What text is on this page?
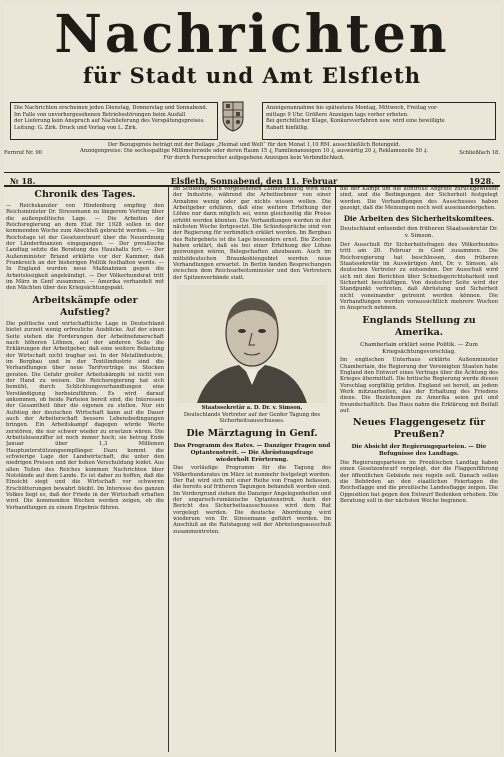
Nachrichten
für Stadt und Amt Elsfleth
Die Nachrichten erscheinen jeden Dienstag, Donnerstag und Sonnabend.
Im Falle von unvorhergesehenen Betriebsstörungen beim Ausfall
der Lieferung kein Anspruch auf Nachlieferung des Verspätungspreises.
Leitung: G. Zirk. Druck und Verlag von L. Zirk.
Anzeigenannahme bis spätestens Montag, Mittwoch, Freitag vor-
mittags 9 Uhr. Größere Anzeigen tags vorher erbeten.
Bei gerichtlicher Klage, Konkursverfahren usw. wird eine bewilligte
Rabatt hinfällig.
Fernruf Nr. 90
Der Bezugspreis beträgt mit der Beilage „Heimat und Welt“ für den Monat 1,10 RM. ausschließlich Botengeld.
Anzeigenpreise: Die sechsspaltige Millimeterzeile oder deren Raum 15 ₰, Familienanzeigen 10 ₰, auswärtig 20 ₰, Reklamezeile 50 ₰.
Für durch Fernsprecher aufgegebene Anzeigen kein Verbindlichkeit.
Schließfach 18.
№ 18.	Elsfleth, Sonnabend, den 11. Februar	1928.
Chronik des Tages.

— Reichskanzler von Hindenburg empfing den Reichsminister Dr. Stresemann zu längerem Vortrag über die außenpolitische Lage. — Die Arbeiten der Reichsregierung an dem Etat für 1928 sollen in der kommenden Woche zum Abschluß gebracht werden. — Im Reichstage ist der Gesetzentwurf über die Neuordnung der Länderfinanzen eingegangen. — Der preußische Landtag setzte die Beratung des Haushalts fort. — Der Außenminister Briand erklärte vor der Kammer, daß Frankreich an der bisherigen Politik festhalten werde. — In England wurden neue Maßnahmen gegen die Arbeitslosigkeit angekündigt. — Der Völkerbundsrat tritt im März in Genf zusammen. — Amerika verhandelt mit den Mächten über den Kriegsächtungspakt.

Arbeitskämpfe oder Aufstieg?

Die politische und wirtschaftliche Lage in Deutschland bietet zurzeit wenig erfreuliche Ausblicke. Auf der einen Seite stehen die Forderungen der Arbeitnehmerschaft nach höheren Löhnen, auf der anderen Seite die Erklärungen der Arbeitgeber, daß eine weitere Belastung der Wirtschaft nicht tragbar sei. In der Metallindustrie, im Bergbau und in der Textilindustrie sind die Verhandlungen über neue Tarifverträge ins Stocken geraten. Die Gefahr großer Arbeitskämpfe ist nicht von der Hand zu weisen. Die Reichsregierung hat sich bemüht, durch Schlichtungsverhandlungen eine Verständigung herbeizuführen. Es wird darauf ankommen, ob beide Parteien bereit sind, die Interessen der Gesamtheit über die eigenen zu stellen. Nur ein Aufstieg der deutschen Wirtschaft kann auf die Dauer auch der Arbeiterschaft bessere Lebensbedingungen bringen. Ein Arbeitskampf dagegen würde Werte zerstören, die nur schwer wieder zu ersetzen wären. Die Arbeitslosenziffer ist noch immer hoch; sie betrug Ende Januar über 1,3 Millionen Hauptunterstützungsempfänger. Dazu kommt die schwierige Lage der Landwirtschaft, die unter den niedrigen Preisen und der hohen Verschuldung leidet. Aus allen Teilen des Reiches kommen Nachrichten über Notstände auf dem Lande. Es ist daher zu hoffen, daß die Einsicht siegt und die Wirtschaft vor schweren Erschütterungen bewahrt bleibt. Im Interesse des ganzen Volkes liegt es, daß der Friede in der Wirtschaft erhalten wird. Die kommenden Wochen werden zeigen, ob die Verhandlungen zu einem Ergebnis führen.

Im Schiedsspruch vorgesehenen Lohnerhöhung wird sich der Industrie, während die Arbeitnehmer von einer Annahme wenig oder gar nichts wissen wollen. Die Arbeitgeber erklären, daß eine weitere Erhöhung der Löhne nur dann möglich sei, wenn gleichzeitig die Preise erhöht werden könnten. Die Verhandlungen werden in der nächsten Woche fortgesetzt. Die Schiedssprüche sind von der Regierung für verbindlich erklärt worden. Im Bergbau des Ruhrgebiets ist die Lage besonders ernst. Die Zechen haben erklärt, daß sie bei einer Erhöhung der Löhne gezwungen wären, Belegschaften abzubauen. Auch im mitteldeutschen Braunkohlengebiet werden neue Verhandlungen erwartet. In Berlin fanden Besprechungen zwischen dem Reichsarbeitsminister und den Vertretern der Spitzenverbände statt.

Staatssekretär a. D. Dr. v. Simson,
Deutschlands Vertreter auf der Genfer Tagung des Sicherheitsausschusses.
Die Märztagung in Genf.
Das Programm des Rates. — Danziger Fragen und Optantenstreit. — Die Abrüstungsfrage wiederholt Erörterung.

Das vorläufige Programm für die Tagung des Völkerbundsrates im März ist nunmehr festgelegt worden. Der Rat wird sich mit einer Reihe von Fragen befassen, die bereits auf früheren Tagungen behandelt worden sind. Im Vordergrund stehen die Danziger Angelegenheiten und der ungarisch-rumänische Optantenstreit. Auch der Bericht des Sicherheitsausschusses wird dem Rat vorgelegt werden. Die deutsche Abordnung wird wiederum von Dr. Stresemann geführt werden. Im Anschluß an die Ratstagung soll der Abrüstungsausschuß zusammentreten.

die der Kampf um die kontrolle Angriffe zurückgewiesen sind, und die Bedingungen der Sicherheit festgelegt werden. Die Verhandlungen des Ausschusses haben gezeigt, daß die Meinungen noch weit auseinandergehen.

Die Arbeiten des Sicherheitskomitees.
Deutschland entsendet den früheren Staatssekretär Dr. v. Simson.

Der Ausschuß für Sicherheitsfragen des Völkerbundes tritt am 20. Februar in Genf zusammen. Die Reichsregierung hat beschlossen, den früheren Staatssekretär im Auswärtigen Amt, Dr. v. Simson, als deutschen Vertreter zu entsenden. Der Ausschuß wird sich mit den Berichten über Schiedsgerichtsbarkeit und Sicherheit beschäftigen. Von deutscher Seite wird der Standpunkt vertreten, daß Abrüstung und Sicherheit nicht voneinander getrennt werden können. Die Verhandlungen werden voraussichtlich mehrere Wochen in Anspruch nehmen.

Englands Stellung zu Amerika.
Chamberlain erklärt seine Politik. — Zum Kriegsächtungsvorschlag.

Im englischen Unterhaus erklärte Außenminister Chamberlain, die Regierung der Vereinigten Staaten habe England den Entwurf eines Vertrags über die Ächtung des Krieges übermittelt. Die britische Regierung werde diesen Vorschlag sorgfältig prüfen. England sei bereit, an jedem Werk mitzuarbeiten, das der Erhaltung des Friedens diene. Die Beziehungen zu Amerika seien gut und freundschaftlich. Das Haus nahm die Erklärung mit Beifall auf.

Neues Flaggengesetz für Preußen?
Die Absicht der Regierungsparteien. — Die Befugnisse des Landtags.

Die Regierungsparteien im Preußischen Landtag haben einen Gesetzentwurf vorgelegt, der die Flaggenführung der öffentlichen Gebäude neu regeln soll. Danach sollen die Behörden an den staatlichen Feiertagen die Reichsflagge und die preußische Landesflagge zeigen. Die Opposition hat gegen den Entwurf Bedenken erhoben. Die Beratung soll in der nächsten Woche beginnen.
